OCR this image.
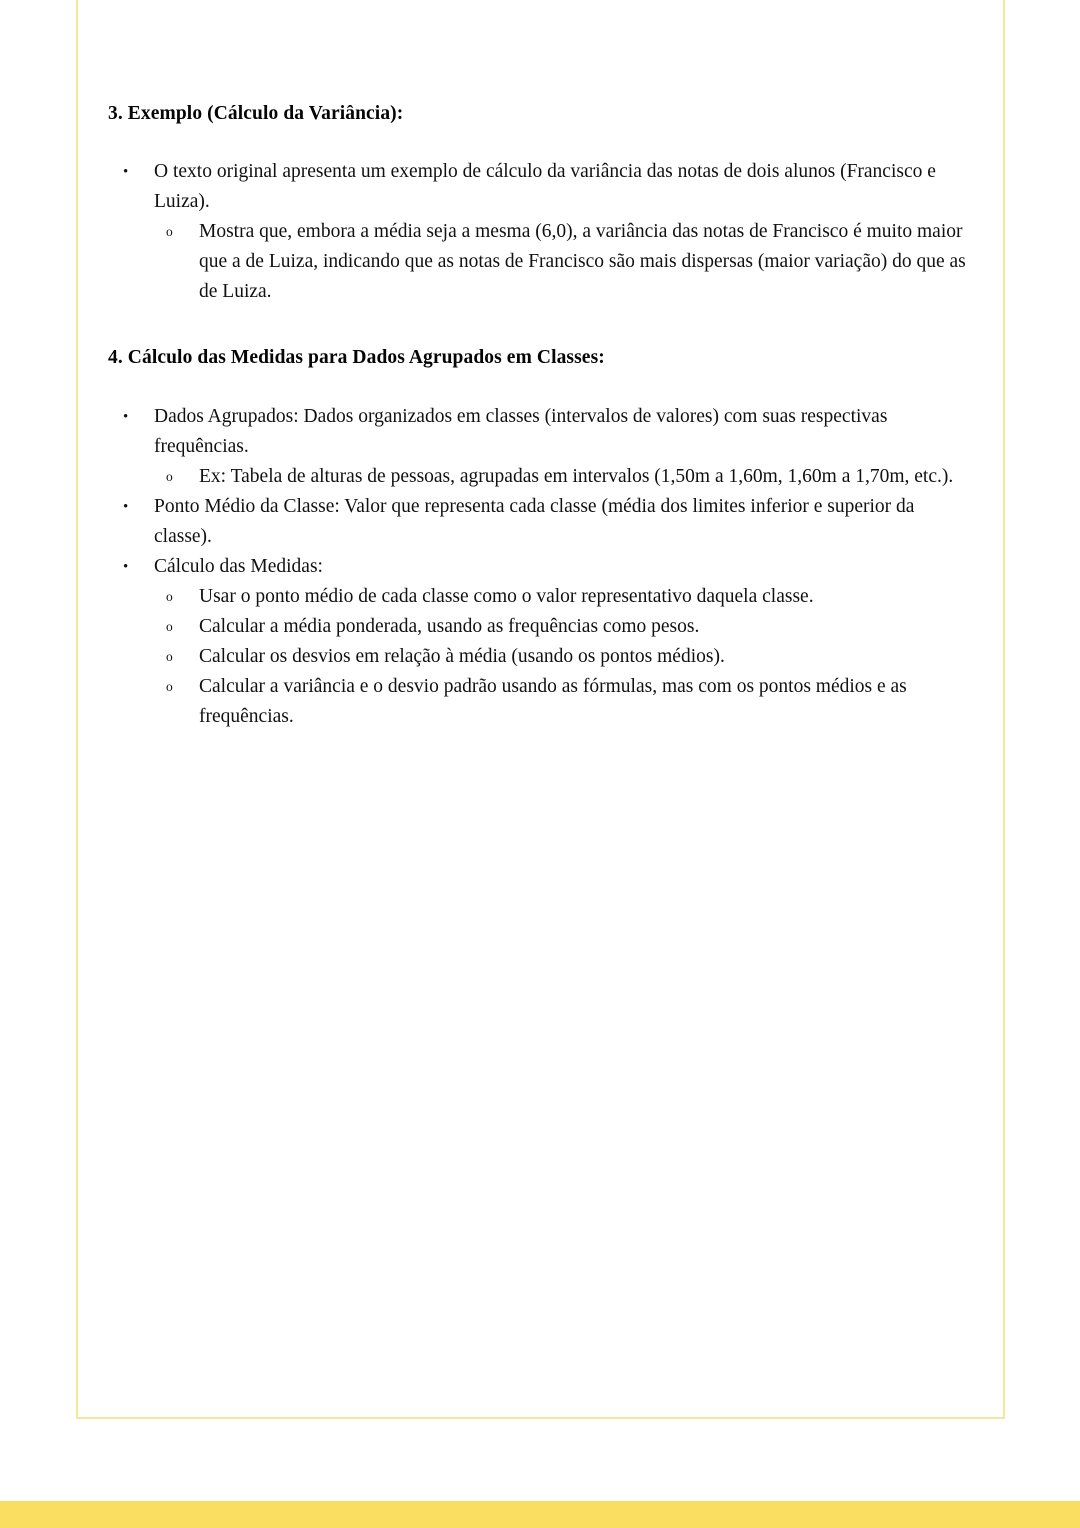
3. Exemplo (Cálculo da Variância):
• O texto original apresenta um exemplo de cálculo da variância das notas de dois alunos (Francisco e Luiza).
o Mostra que, embora a média seja a mesma (6,0), a variância das notas de Francisco é muito maior que a de Luiza, indicando que as notas de Francisco são mais dispersas (maior variação) do que as de Luiza.
4. Cálculo das Medidas para Dados Agrupados em Classes:
• Dados Agrupados: Dados organizados em classes (intervalos de valores) com suas respectivas frequências.
o Ex: Tabela de alturas de pessoas, agrupadas em intervalos (1,50m a 1,60m, 1,60m a 1,70m, etc.).
• Ponto Médio da Classe: Valor que representa cada classe (média dos limites inferior e superior da classe).
• Cálculo das Medidas:
o Usar o ponto médio de cada classe como o valor representativo daquela classe.
o Calcular a média ponderada, usando as frequências como pesos.
o Calcular os desvios em relação à média (usando os pontos médios).
o Calcular a variância e o desvio padrão usando as fórmulas, mas com os pontos médios e as frequências.
